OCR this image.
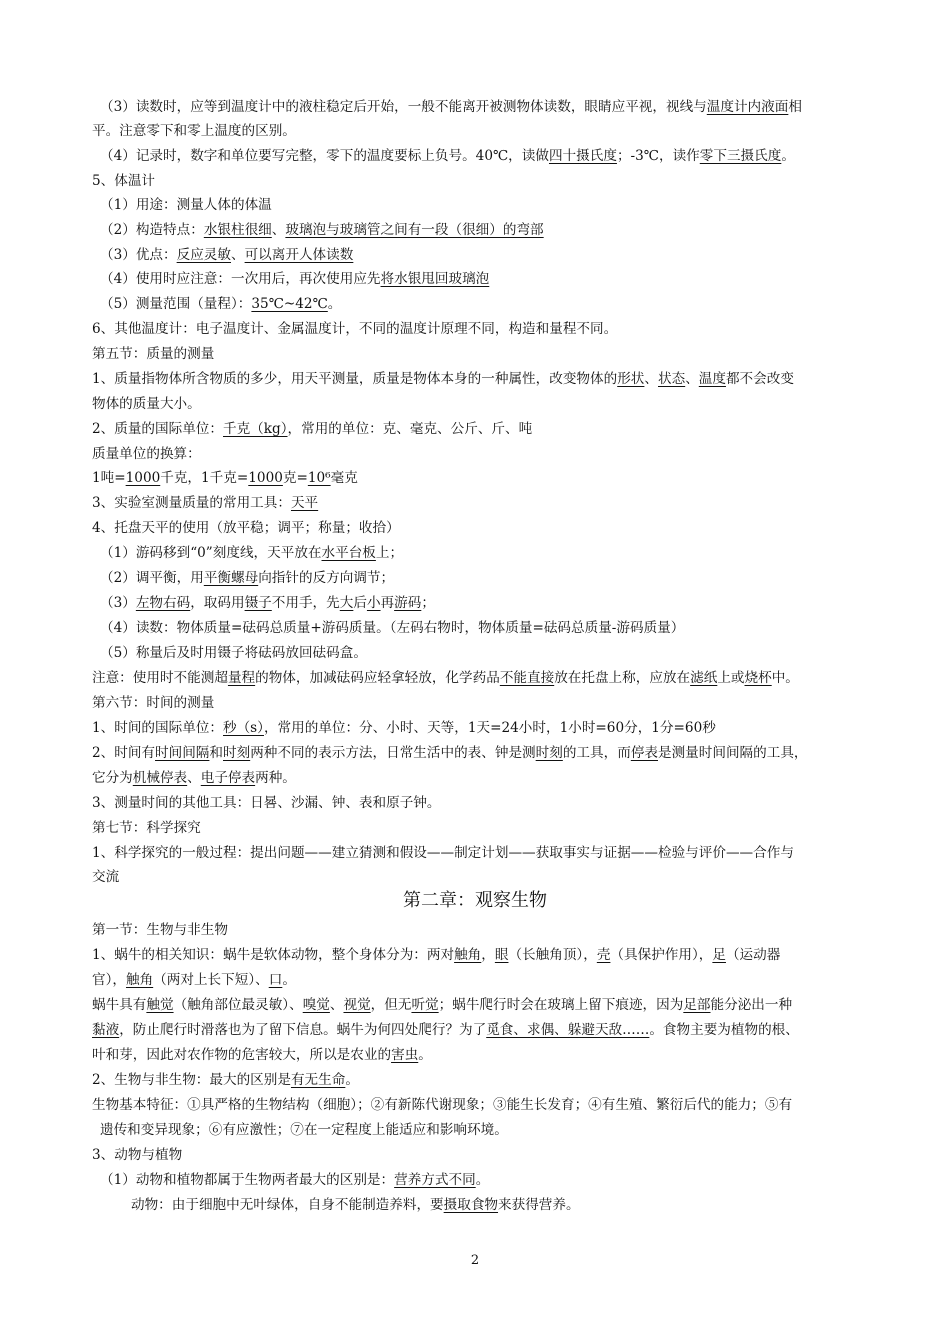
（3）读数时，应等到温度计中的液柱稳定后开始，一般不能离开被测物体读数，眼睛应平视，视线与温度计内液面相
平。注意零下和零上温度的区别。
（4）记录时，数字和单位要写完整，零下的温度要标上负号。40℃，读做四十摄氏度；-3℃，读作零下三摄氏度。
5、体温计
（1）用途：测量人体的体温
（2）构造特点：水银柱很细、玻璃泡与玻璃管之间有一段（很细）的弯部
（3）优点：反应灵敏、可以离开人体读数
（4）使用时应注意：一次用后，再次使用应先将水银甩回玻璃泡
（5）测量范围（量程）：35℃~42℃。
6、其他温度计：电子温度计、金属温度计，不同的温度计原理不同，构造和量程不同。
第五节：质量的测量
1、质量指物体所含物质的多少，用天平测量，质量是物体本身的一种属性，改变物体的形状、状态、温度都不会改变
物体的质量大小。
2、质量的国际单位：千克（kg），常用的单位：克、毫克、公斤、斤、吨
质量单位的换算：
1吨=1000千克，1千克=1000克=10⁶毫克
3、实验室测量质量的常用工具：天平
4、托盘天平的使用（放平稳；调平；称量；收拾）
（1）游码移到“0”刻度线，天平放在水平台板上；
（2）调平衡，用平衡螺母向指针的反方向调节；
（3）左物右码，取码用镊子不用手，先大后小再游码；
（4）读数：物体质量=砝码总质量+游码质量。（左码右物时，物体质量=砝码总质量-游码质量）
（5）称量后及时用镊子将砝码放回砝码盒。
注意：使用时不能测超量程的物体，加减砝码应轻拿轻放，化学药品不能直接放在托盘上称，应放在滤纸上或烧杯中。
第六节：时间的测量
1、时间的国际单位：秒（s），常用的单位：分、小时、天等，1天=24小时，1小时=60分，1分=60秒
2、时间有时间间隔和时刻两种不同的表示方法，日常生活中的表、钟是测时刻的工具，而停表是测量时间间隔的工具，
它分为机械停表、电子停表两种。
3、测量时间的其他工具：日晷、沙漏、钟、表和原子钟。
第七节：科学探究
1、科学探究的一般过程：提出问题——建立猜测和假设——制定计划——获取事实与证据——检验与评价——合作与
交流
第一节：生物与非生物
1、蜗牛的相关知识：蜗牛是软体动物，整个身体分为：两对触角，眼（长触角顶），壳（具保护作用），足（运动器
官），触角（两对上长下短）、口。
蜗牛具有触觉（触角部位最灵敏）、嗅觉、视觉，但无听觉；蜗牛爬行时会在玻璃上留下痕迹，因为足部能分泌出一种
黏液，防止爬行时滑落也为了留下信息。蜗牛为何四处爬行？为了觅食、求偶、躲避天敌……。食物主要为植物的根、
叶和芽，因此对农作物的危害较大，所以是农业的害虫。
2、生物与非生物：最大的区别是有无生命。
生物基本特征：①具严格的生物结构（细胞）；②有新陈代谢现象；③能生长发育；④有生殖、繁衍后代的能力；⑤有
遗传和变异现象；⑥有应激性；⑦在一定程度上能适应和影响环境。
3、动物与植物
（1）动物和植物都属于生物两者最大的区别是：营养方式不同。
动物：由于细胞中无叶绿体，自身不能制造养料，要摄取食物来获得营养。
第二章：观察生物
2
